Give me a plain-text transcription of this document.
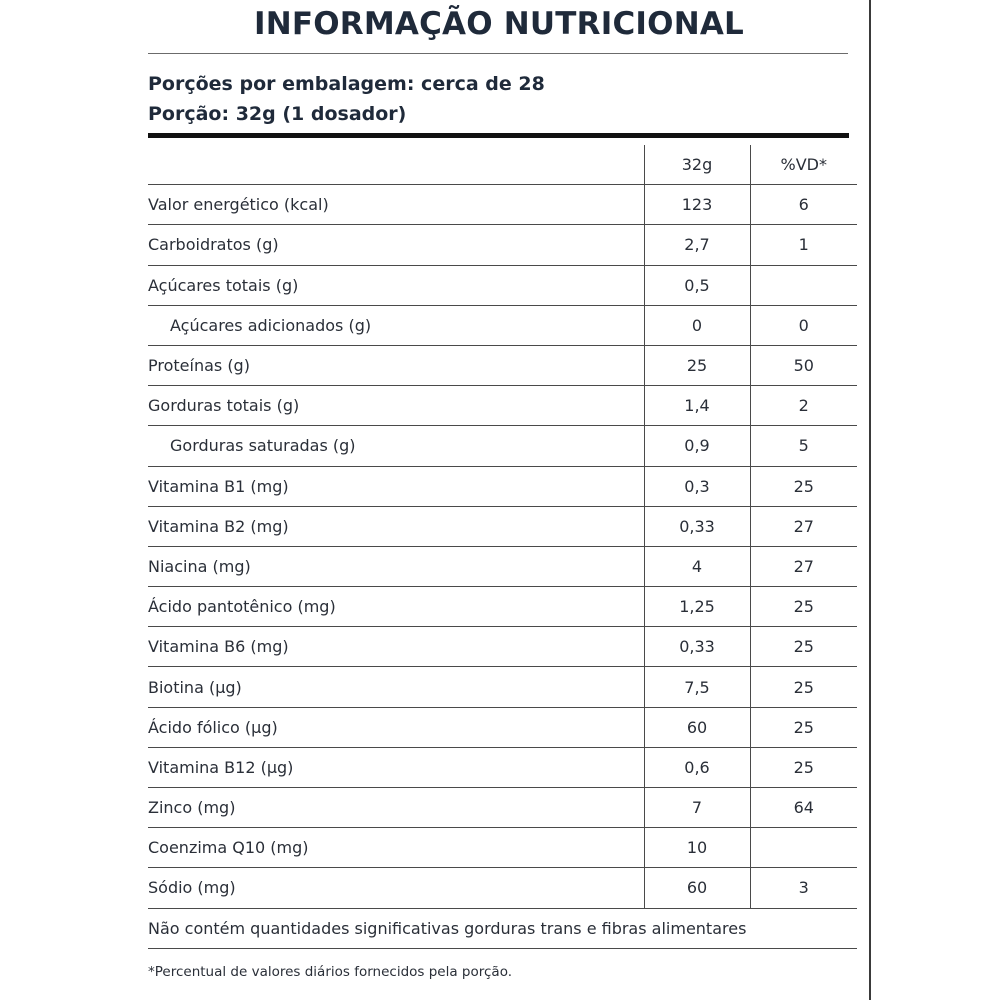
INFORMAÇÃO NUTRICIONAL
Porções por embalagem: cerca de 28
Porção: 32g (1 dosador)
	32g	%VD*
Valor energético (kcal)	123	6
Carboidratos (g)	2,7	1
Açúcares totais (g)	0,5	
Açúcares adicionados (g)	0	0
Proteínas (g)	25	50
Gorduras totais (g)	1,4	2
Gorduras saturadas (g)	0,9	5
Vitamina B1 (mg)	0,3	25
Vitamina B2 (mg)	0,33	27
Niacina (mg)	4	27
Ácido pantotênico (mg)	1,25	25
Vitamina B6 (mg)	0,33	25
Biotina (µg)	7,5	25
Ácido fólico (µg)	60	25
Vitamina B12 (µg)	0,6	25
Zinco (mg)	7	64
Coenzima Q10 (mg)	10	
Sódio (mg)	60	3
Não contém quantidades significativas gorduras trans e fibras alimentares		
*Percentual de valores diários fornecidos pela porção.
